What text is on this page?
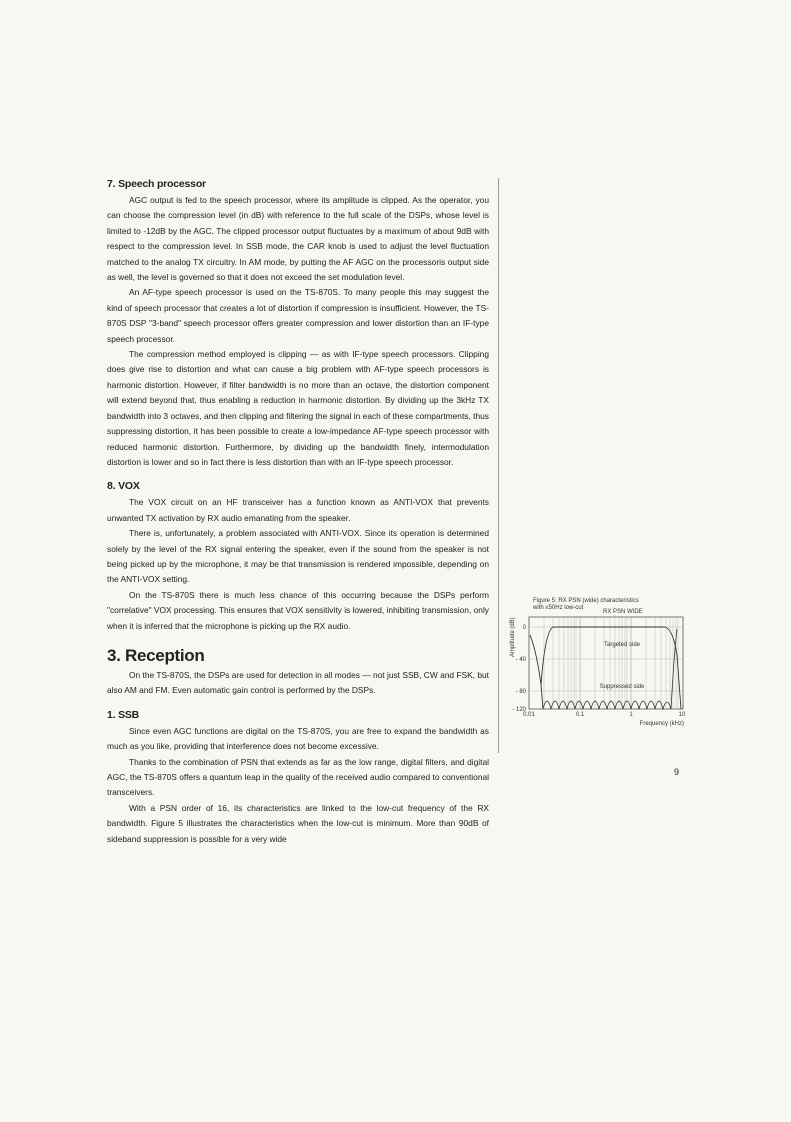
7. Speech processor

AGC output is fed to the speech processor, where its amplitude is clipped. As the operator, you can choose the compression level (in dB) with reference to the full scale of the DSPs, whose level is limited to -12dB by the AGC. The clipped processor output fluctuates by a maximum of about 9dB with respect to the compression level. In SSB mode, the CAR knob is used to adjust the level fluctuation matched to the analog TX circuitry. In AM mode, by putting the AF AGC on the processoris output side as well, the level is governed so that it does not exceed the set modulation level.

An AF-type speech processor is used on the TS-870S. To many people this may suggest the kind of speech processor that creates a lot of distortion if compression is insufficient. However, the TS-870S DSP "3-band" speech processor offers greater compression and lower distortion than an IF-type speech processor.

The compression method employed is clipping — as with IF-type speech processors. Clipping does give rise to distortion and what can cause a big problem with AF-type speech processors is harmonic distortion. However, if filter bandwidth is no more than an octave, the distortion component will extend beyond that, thus enabling a reduction in harmonic distortion. By dividing up the 3kHz TX bandwidth into 3 octaves, and then clipping and filtering the signal in each of these compartments, thus suppressing distortion, it has been possible to create a low-impedance AF-type speech processor with reduced harmonic distortion. Furthermore, by dividing up the bandwidth finely, intermodulation distortion is lower and so in fact there is less distortion than with an IF-type speech processor.

8. VOX

The VOX circuit on an HF transceiver has a function known as ANTI-VOX that prevents unwanted TX activation by RX audio emanating from the speaker.

There is, unfortunately, a problem associated with ANTI-VOX. Since its operation is determined solely by the level of the RX signal entering the speaker, even if the sound from the speaker is not being picked up by the microphone, it may be that transmission is rendered impossible, depending on the ANTI-VOX setting.

On the TS-870S there is much less chance of this occurring because the DSPs perform "correlative" VOX processing. This ensures that VOX sensitivity is lowered, inhibiting transmission, only when it is inferred that the microphone is picking up the RX audio.

3. Reception

On the TS-870S, the DSPs are used for detection in all modes — not just SSB, CW and FSK, but also AM and FM. Even automatic gain control is performed by the DSPs.

1. SSB

Since even AGC functions are digital on the TS-870S, you are free to expand the bandwidth as much as you like, providing that interference does not become excessive.

Thanks to the combination of PSN that extends as far as the low range, digital filters, and digital AGC, the TS-870S offers a quantum leap in the quality of the received audio compared to conventional transceivers.

With a PSN order of 16, its characteristics are linked to the low-cut frequency of the RX bandwidth. Figure 5 illustrates the characteristics when the low-cut is minimum. More than 90dB of sideband suppression is possible for a very wide

Figure 5: RX PSN (wide) characteristics
with ≤50Hz low-cut
RX PSN WIDE
Amplitude (dB) 0
- 40
- 80
- 120
Targeted side
Suppressed side
0.01	0.1	1	10
Frequency (kHz)
9
